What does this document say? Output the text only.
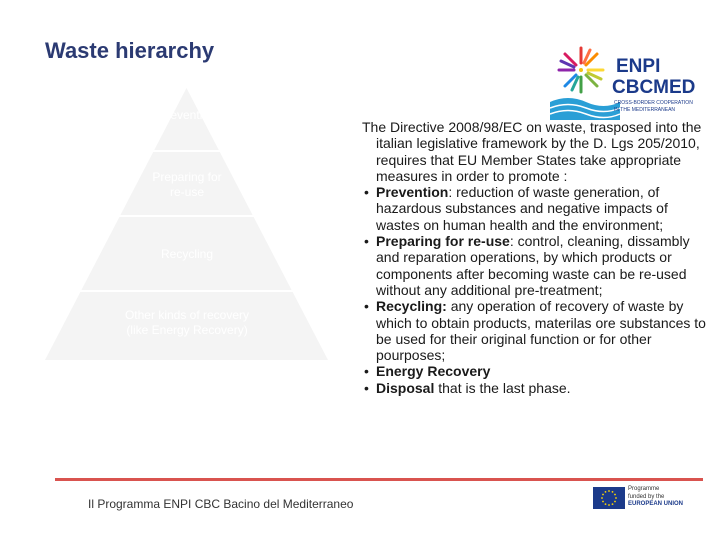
Waste hierarchy
ENPI
CBCMED
CROSS-BORDER COOPERATION
IN THE MEDITERRANEAN
Prevention
Preparing for
re-use
Recycling
Other kinds of recovery
(like Energy Recovery)

The Directive 2008/98/EC on waste, trasposed into the italian legislative framework by the D. Lgs 205/2010, requires that EU Member States take appropriate measures in order to promote :

• Prevention: reduction of waste generation, of hazardous substances and negative impacts of wastes on human health and the environment;
• Preparing for re-use: control, cleaning, dissambly and reparation operations, by which products or components after becoming waste can be re-used without any additional pre-treatment;
• Recycling: any operation of recovery of waste by which to obtain products, materilas ore substances to be used for their original function or for other pourposes;
• Energy Recovery
• Disposal that is the last phase.
Il Programma ENPI CBC Bacino del Mediterraneo
Programme
funded by the
EUROPEAN UNION
